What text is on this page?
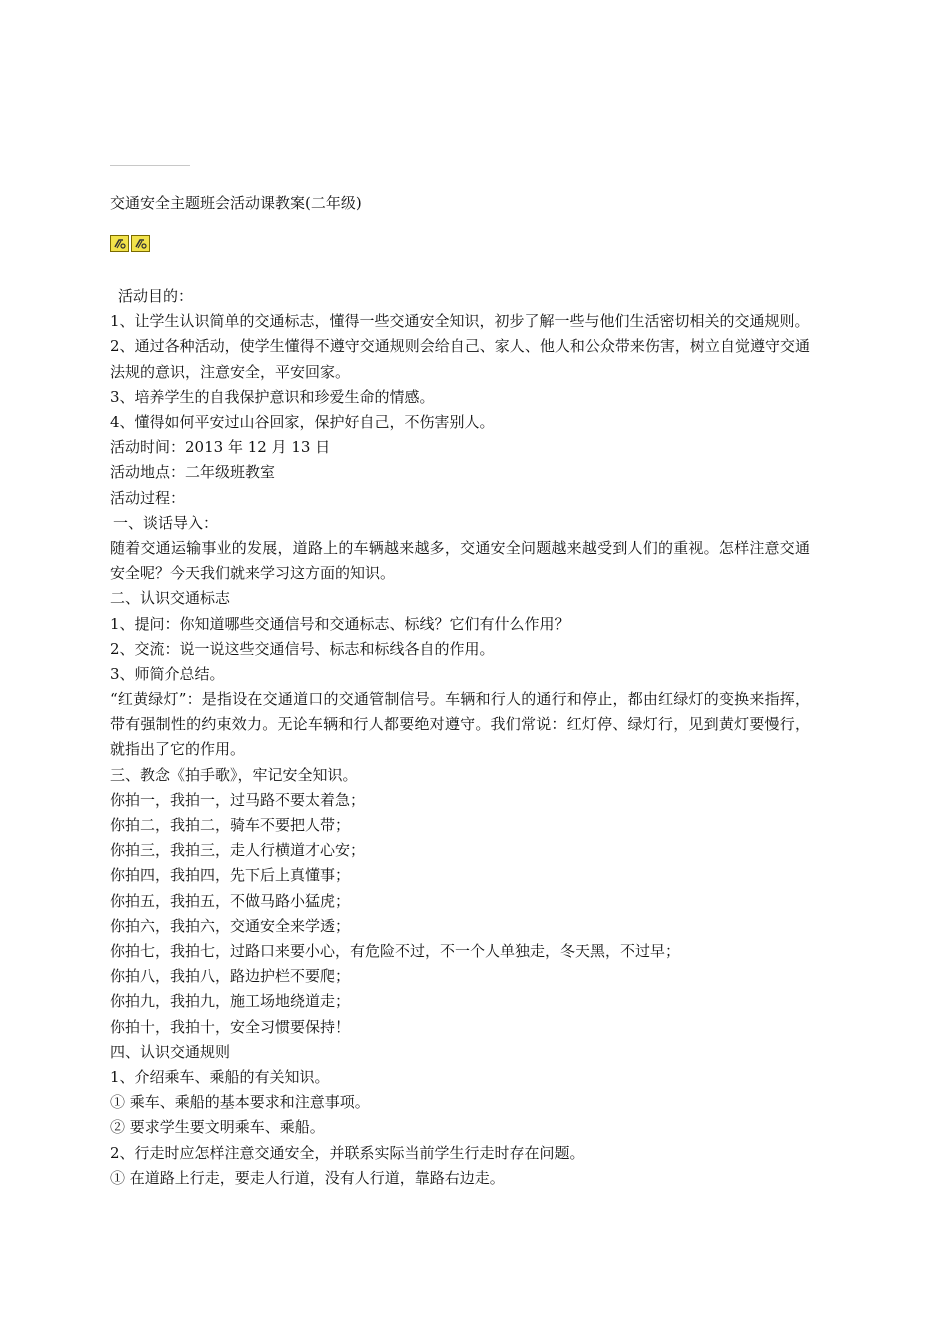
交通安全主题班会活动课教案(二年级)
活动目的：
1、让学生认识简单的交通标志，懂得一些交通安全知识，初步了解一些与他们生活密切相关的交通规则。
2、通过各种活动，使学生懂得不遵守交通规则会给自己、家人、他人和公众带来伤害，树立自觉遵守交通法规的意识，注意安全，平安回家。
3、培养学生的自我保护意识和珍爱生命的情感。
4、懂得如何平安过山谷回家，保护好自己，不伤害别人。
活动时间：2013 年 12 月 13 日
活动地点：二年级班教室
活动过程：
一、谈话导入：
随着交通运输事业的发展，道路上的车辆越来越多，交通安全问题越来越受到人们的重视。怎样注意交通安全呢？今天我们就来学习这方面的知识。
二、认识交通标志
1、提问：你知道哪些交通信号和交通标志、标线？它们有什么作用？
2、交流：说一说这些交通信号、标志和标线各自的作用。
3、师简介总结。
“红黄绿灯”：是指设在交通道口的交通管制信号。车辆和行人的通行和停止，都由红绿灯的变换来指挥，带有强制性的约束效力。无论车辆和行人都要绝对遵守。我们常说：红灯停、绿灯行，见到黄灯要慢行，就指出了它的作用。
三、教念《拍手歌》，牢记安全知识。
你拍一，我拍一，过马路不要太着急；
你拍二，我拍二，骑车不要把人带；
你拍三，我拍三，走人行横道才心安；
你拍四，我拍四，先下后上真懂事；
你拍五，我拍五，不做马路小猛虎；
你拍六，我拍六，交通安全来学透；
你拍七，我拍七，过路口来要小心，有危险不过，不一个人单独走，冬天黑，不过早；
你拍八，我拍八，路边护栏不要爬；
你拍九，我拍九，施工场地绕道走；
你拍十，我拍十，安全习惯要保持！
四、认识交通规则
1、介绍乘车、乘船的有关知识。
① 乘车、乘船的基本要求和注意事项。
② 要求学生要文明乘车、乘船。
2、行走时应怎样注意交通安全，并联系实际当前学生行走时存在问题。
① 在道路上行走，要走人行道，没有人行道，靠路右边走。
